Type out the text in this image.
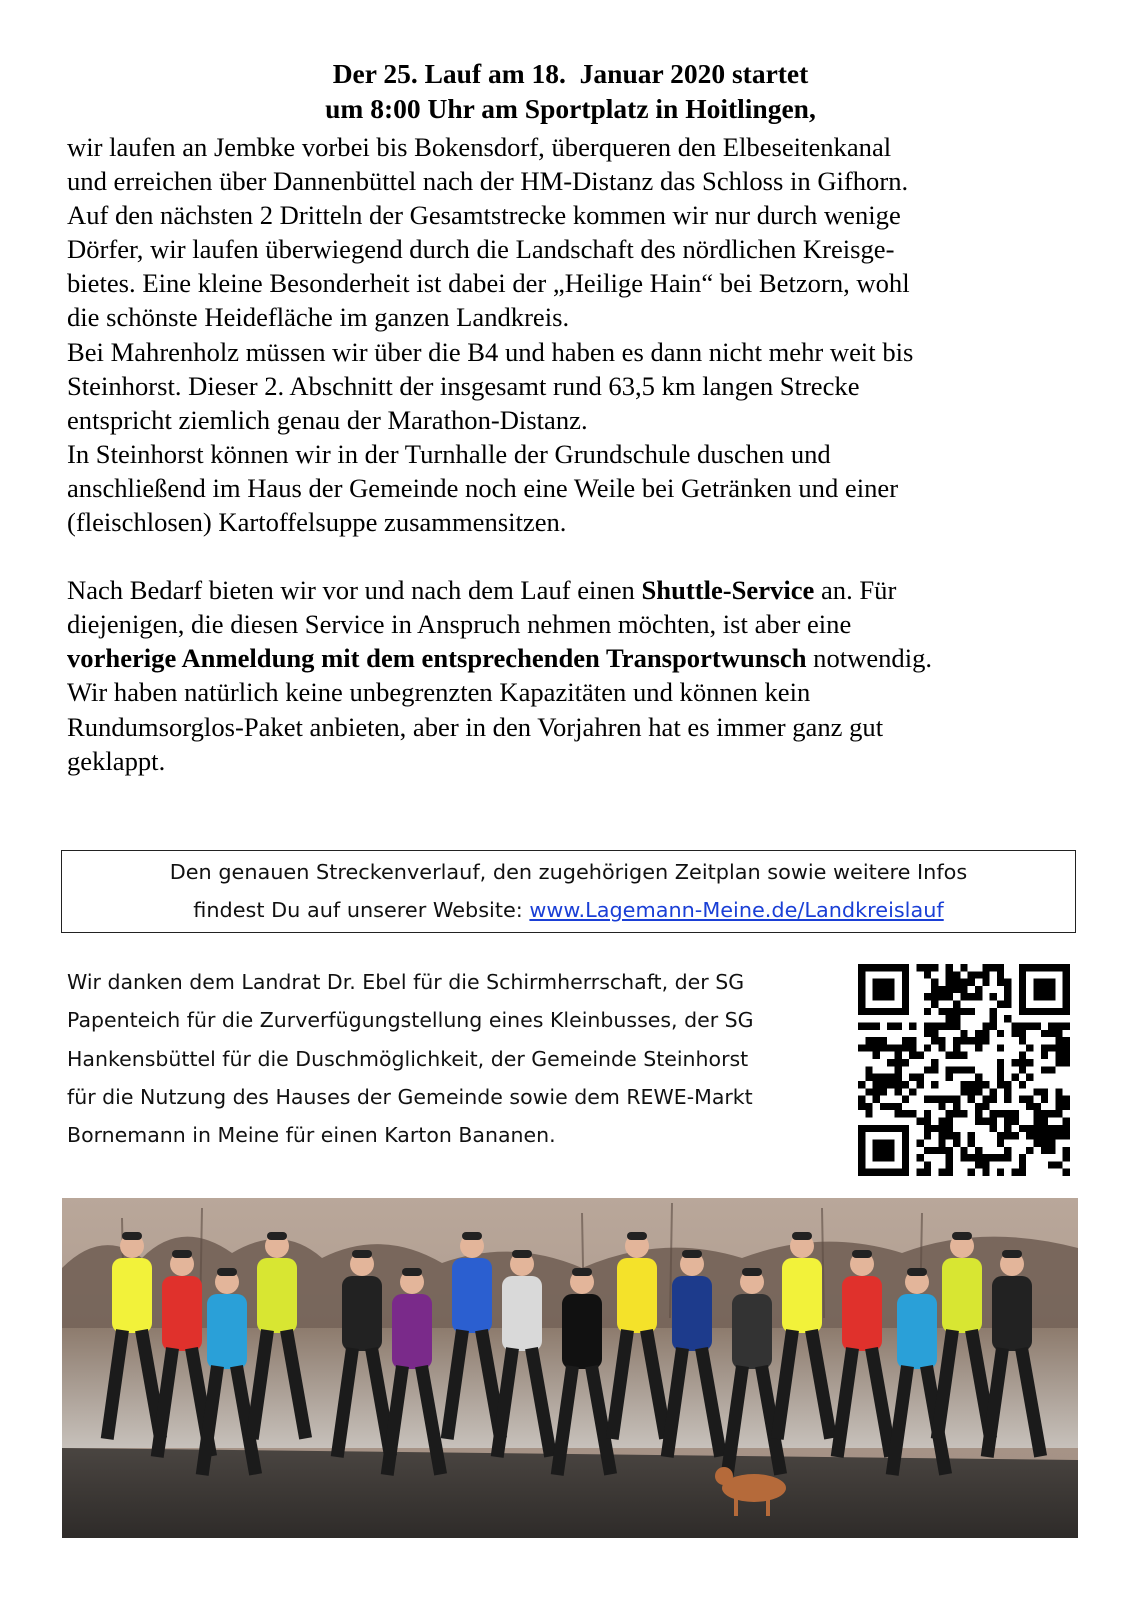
Der 25. Lauf am 18.  Januar 2020 startet
um 8:00 Uhr am Sportplatz in Hoitlingen,
wir laufen an Jembke vorbei bis Bokensdorf, überqueren den Elbeseitenkanal
und erreichen über Dannenbüttel nach der HM-Distanz das Schloss in Gifhorn.
Auf den nächsten 2 Dritteln der Gesamtstrecke kommen wir nur durch wenige
Dörfer, wir laufen überwiegend durch die Landschaft des nördlichen Kreisge-
bietes. Eine kleine Besonderheit ist dabei der „Heilige Hain“ bei Betzorn, wohl
die schönste Heidefläche im ganzen Landkreis.
Bei Mahrenholz müssen wir über die B4 und haben es dann nicht mehr weit bis
Steinhorst. Dieser 2. Abschnitt der insgesamt rund 63,5 km langen Strecke
entspricht ziemlich genau der Marathon-Distanz.
In Steinhorst können wir in der Turnhalle der Grundschule duschen und
anschließend im Haus der Gemeinde noch eine Weile bei Getränken und einer
(fleischlosen) Kartoffelsuppe zusammensitzen.
Nach Bedarf bieten wir vor und nach dem Lauf einen Shuttle-Service an. Für
diejenigen, die diesen Service in Anspruch nehmen möchten, ist aber eine
vorherige Anmeldung mit dem entsprechenden Transportwunsch notwendig.
Wir haben natürlich keine unbegrenzten Kapazitäten und können kein
Rundumsorglos-Paket anbieten, aber in den Vorjahren hat es immer ganz gut
geklappt.
Den genauen Streckenverlauf, den zugehörigen Zeitplan sowie weitere Infos
findest Du auf unserer Website: www.Lagemann-Meine.de/Landkreislauf
Wir danken dem Landrat Dr. Ebel für die Schirmherrschaft, der SG
Papenteich für die Zurverfügungstellung eines Kleinbusses, der SG
Hankensbüttel für die Duschmöglichkeit, der Gemeinde Steinhorst
für die Nutzung des Hauses der Gemeinde sowie dem REWE-Markt
Bornemann in Meine für einen Karton Bananen.
